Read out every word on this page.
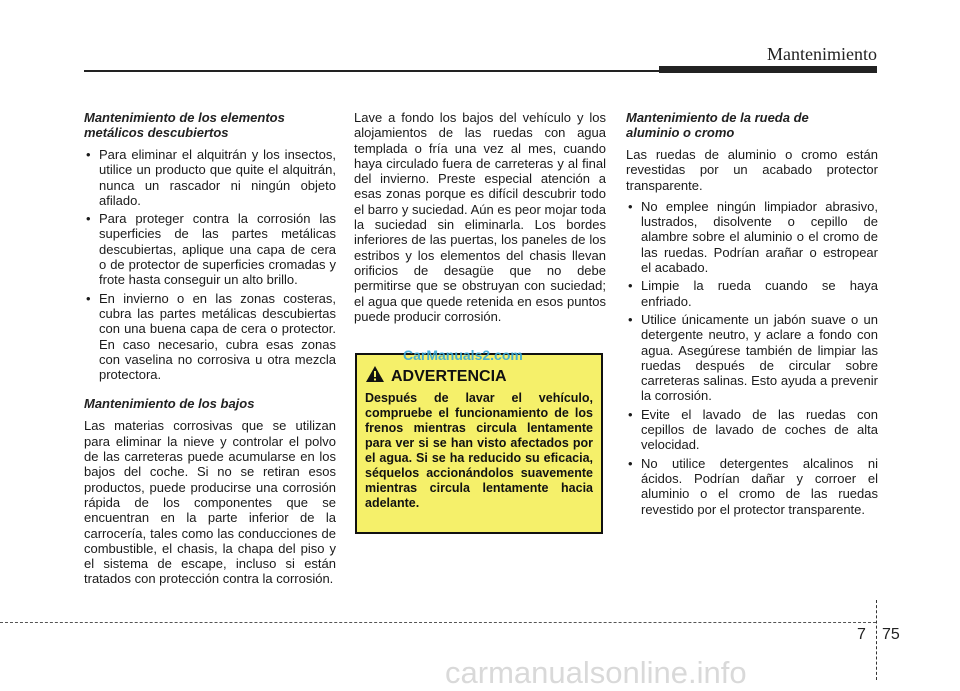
Mantenimiento
Mantenimiento de los elementos
metálicos descubiertos
• Para eliminar el alquitrán y los insectos, utilice un producto que quite el alquitrán, nunca un rascador ni ningún objeto afilado.
• Para proteger contra la corrosión las superficies de las partes metálicas descubiertas, aplique una capa de cera o de protector de superficies cromadas y frote hasta conseguir un alto brillo.
• En invierno o en las zonas costeras, cubra las partes metálicas descubiertas con una buena capa de cera o protector. En caso necesario, cubra esas zonas con vaselina no corrosiva u otra mezcla protectora.
Mantenimiento de los bajos

Las materias corrosivas que se utilizan para eliminar la nieve y controlar el polvo de las carreteras puede acumularse en los bajos del coche. Si no se retiran esos productos, puede producirse una corrosión rápida de los componentes que se encuentran en la parte inferior de la carrocería, tales como las conducciones de combustible, el chasis, la chapa del piso y el sistema de escape, incluso si están tratados con protección contra la corrosión.

Lave a fondo los bajos del vehículo y los alojamientos de las ruedas con agua templada o fría una vez al mes, cuando haya circulado fuera de carreteras y al final del invierno. Preste especial atención a esas zonas porque es difícil descubrir todo el barro y suciedad. Aún es peor mojar toda la suciedad sin eliminarla. Los bordes inferiores de las puertas, los paneles de los estribos y los elementos del chasis llevan orificios de desagüe que no debe permitirse que se obstruyan con suciedad; el agua que quede retenida en esos puntos puede producir corrosión.

ADVERTENCIA

Después de lavar el vehículo, compruebe el funcionamiento de los frenos mientras circula lentamente para ver si se han visto afectados por el agua. Si se ha reducido su eficacia, séquelos accionándolos suavemente mientras circula lentamente hacia adelante.

CarManuals2.com
Mantenimiento de la rueda de
aluminio o cromo

Las ruedas de aluminio o cromo están revestidas por un acabado protector transparente.

• No emplee ningún limpiador abrasivo, lustrados, disolvente o cepillo de alambre sobre el aluminio o el cromo de las ruedas. Podrían arañar o estropear el acabado.
• Limpie la rueda cuando se haya enfriado.
• Utilice únicamente un jabón suave o un detergente neutro, y aclare a fondo con agua. Asegúrese también de limpiar las ruedas después de circular sobre carreteras salinas. Esto ayuda a prevenir la corrosión.
• Evite el lavado de las ruedas con cepillos de lavado de coches de alta velocidad.
• No utilice detergentes alcalinos ni ácidos. Podrían dañar y corroer el aluminio o el cromo de las ruedas revestido por el protector transparente.
7 75
carmanualsonline.info
